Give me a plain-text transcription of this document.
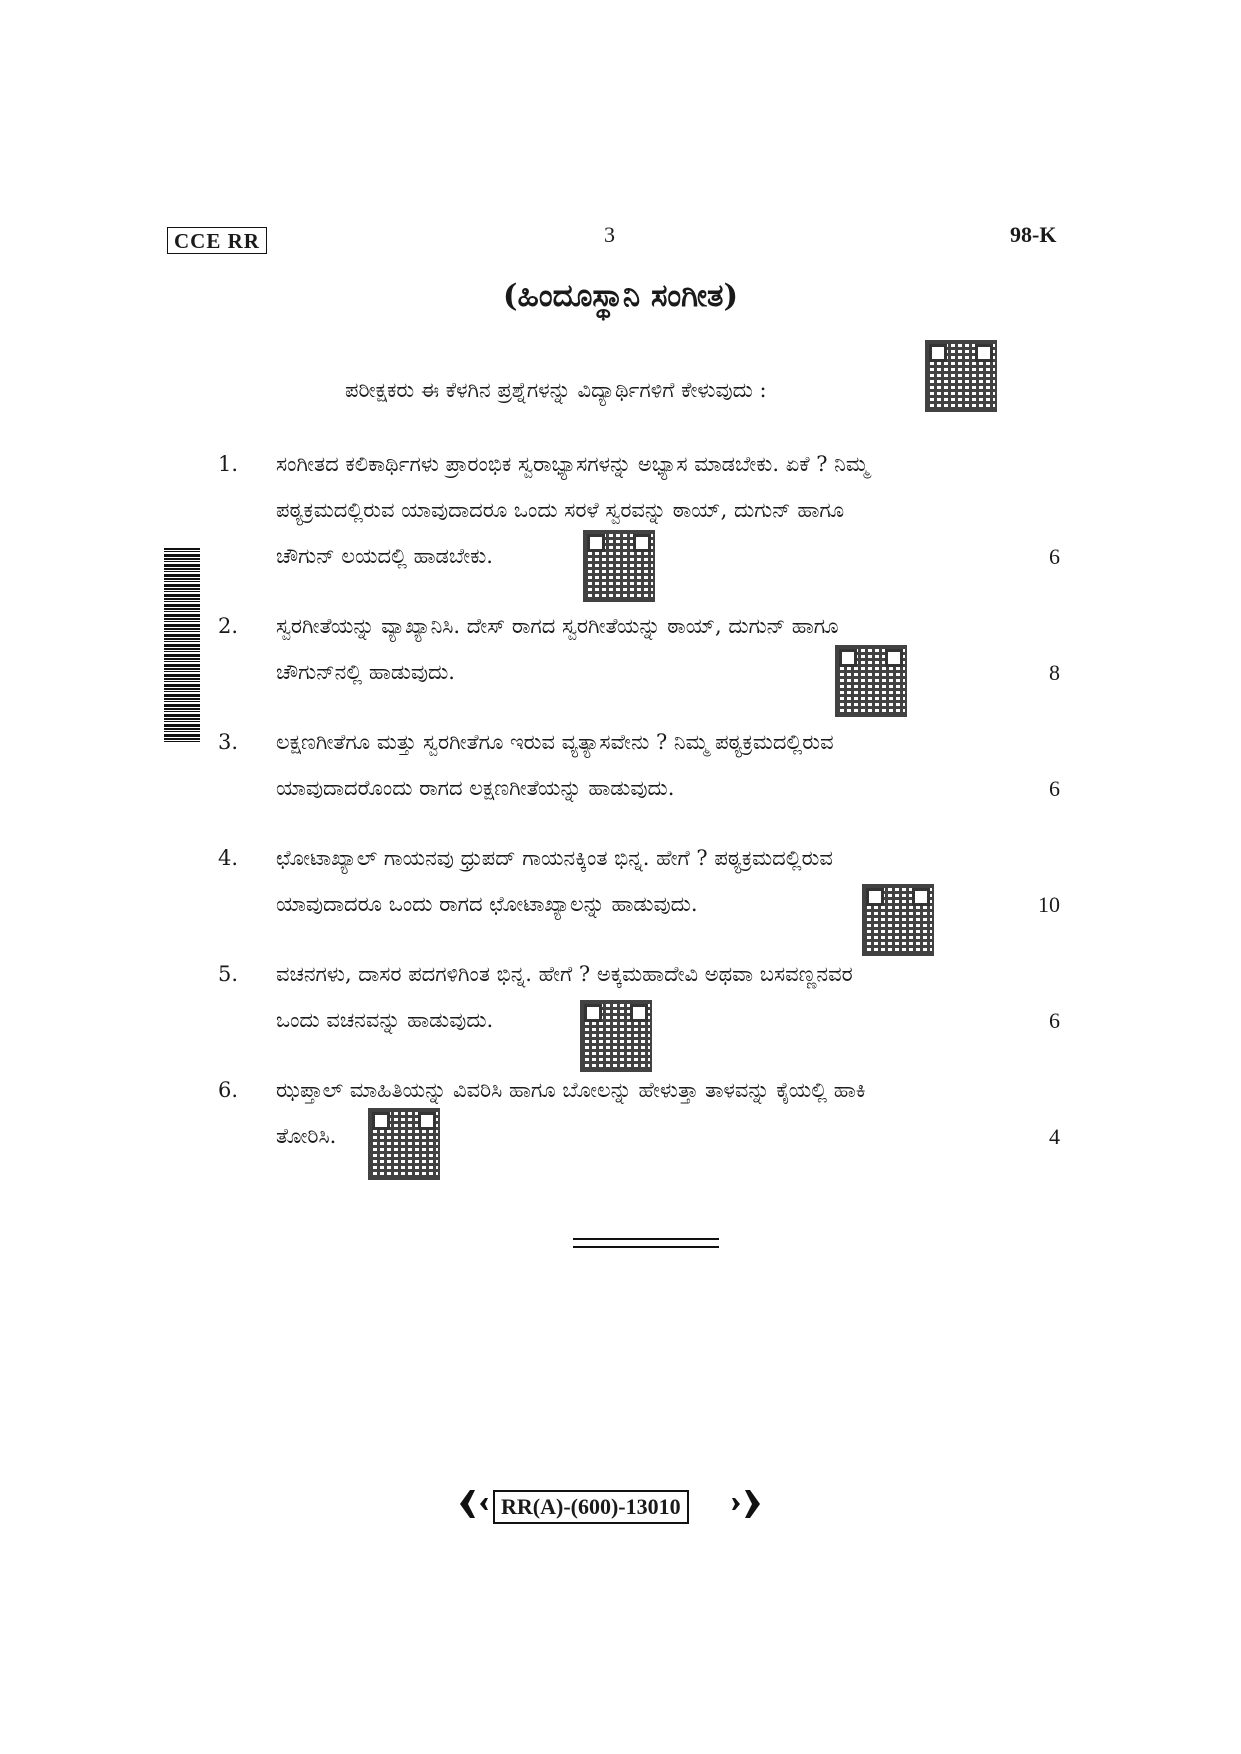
CCE RR	3	98-K
(ಹಿಂದೂಸ್ಥಾನಿ ಸಂಗೀತ)
ಪರೀಕ್ಷಕರು ಈ ಕೆಳಗಿನ ಪ್ರಶ್ನೆಗಳನ್ನು ವಿದ್ಯಾರ್ಥಿಗಳಿಗೆ ಕೇಳುವುದು :
1.	ಸಂಗೀತದ ಕಲಿಕಾರ್ಥಿಗಳು ಪ್ರಾರಂಭಿಕ ಸ್ವರಾಭ್ಯಾಸಗಳನ್ನು ಅಭ್ಯಾಸ ಮಾಡಬೇಕು. ಏಕೆ ? ನಿಮ್ಮ
ಪಠ್ಯಕ್ರಮದಲ್ಲಿರುವ ಯಾವುದಾದರೂ ಒಂದು ಸರಳೆ ಸ್ವರವನ್ನು ಠಾಯ್, ದುಗುನ್ ಹಾಗೂ
ಚೌಗುನ್ ಲಯದಲ್ಲಿ ಹಾಡಬೇಕು.	6
2.	ಸ್ವರಗೀತೆಯನ್ನು ವ್ಯಾಖ್ಯಾನಿಸಿ. ದೇಸ್ ರಾಗದ ಸ್ವರಗೀತೆಯನ್ನು ಠಾಯ್, ದುಗುನ್ ಹಾಗೂ
ಚೌಗುನ್‌ನಲ್ಲಿ ಹಾಡುವುದು.	8
3.	ಲಕ್ಷಣಗೀತೆಗೂ ಮತ್ತು ಸ್ವರಗೀತೆಗೂ ಇರುವ ವ್ಯತ್ಯಾಸವೇನು ? ನಿಮ್ಮ ಪಠ್ಯಕ್ರಮದಲ್ಲಿರುವ
ಯಾವುದಾದರೊಂದು ರಾಗದ ಲಕ್ಷಣಗೀತೆಯನ್ನು ಹಾಡುವುದು.	6
4.	ಛೋಟಾಖ್ಯಾಲ್ ಗಾಯನವು ಧ್ರುಪದ್ ಗಾಯನಕ್ಕಿಂತ ಭಿನ್ನ. ಹೇಗೆ ? ಪಠ್ಯಕ್ರಮದಲ್ಲಿರುವ
ಯಾವುದಾದರೂ ಒಂದು ರಾಗದ ಛೋಟಾಖ್ಯಾಲನ್ನು ಹಾಡುವುದು.	10
5.	ವಚನಗಳು, ದಾಸರ ಪದಗಳಿಗಿಂತ ಭಿನ್ನ. ಹೇಗೆ ? ಅಕ್ಕಮಹಾದೇವಿ ಅಥವಾ ಬಸವಣ್ಣನವರ
ಒಂದು ವಚನವನ್ನು ಹಾಡುವುದು.	6
6.	ಝಪ್ತಾಲ್ ಮಾಹಿತಿಯನ್ನು ವಿವರಿಸಿ ಹಾಗೂ ಬೋಲನ್ನು ಹೇಳುತ್ತಾ ತಾಳವನ್ನು ಕೈಯಲ್ಲಿ ಹಾಕಿ
ತೋರಿಸಿ.	4
RR(A)-(600)-13010
